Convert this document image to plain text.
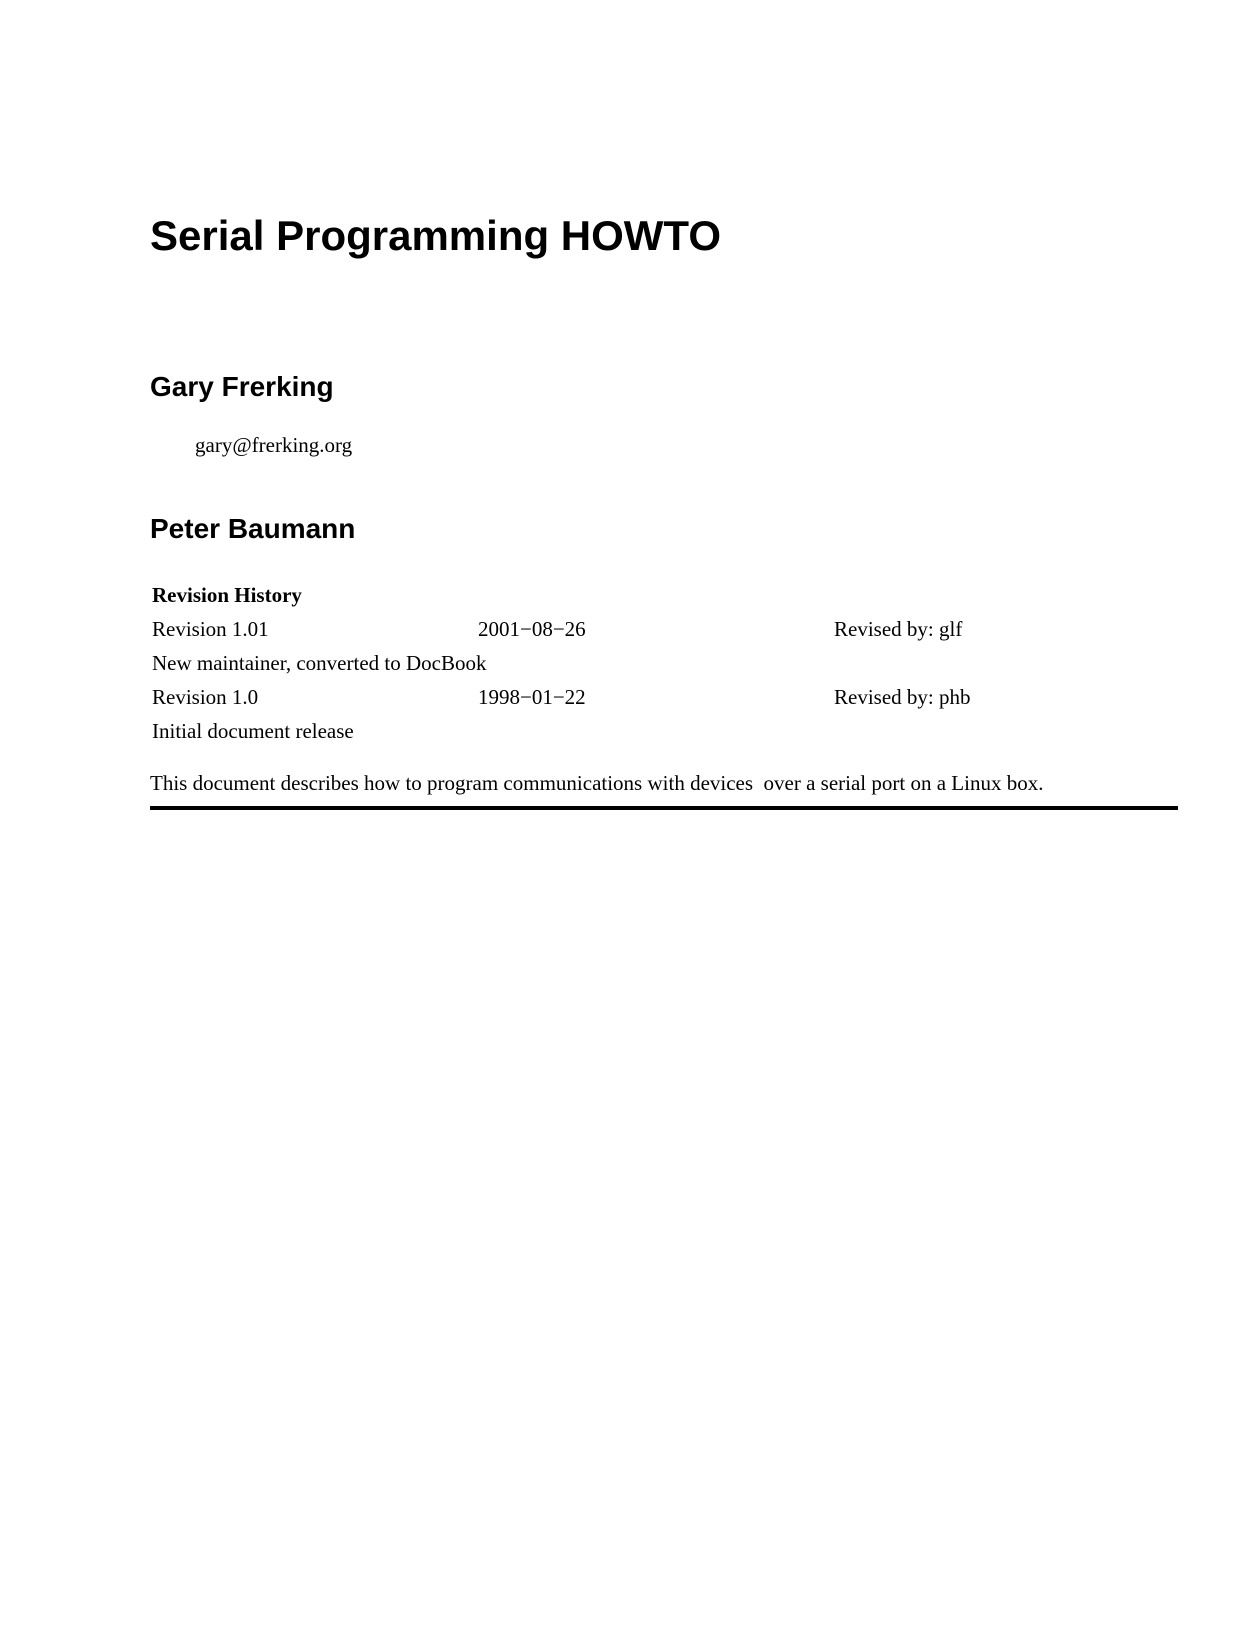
Serial Programming HOWTO
Gary Frerking
gary@frerking.org
Peter Baumann
Revision History
Revision 1.01	2001−08−26	Revised by: glf
New maintainer, converted to DocBook
Revision 1.0	1998−01−22	Revised by: phb
Initial document release
This document describes how to program communications with devices  over a serial port on a Linux box.
